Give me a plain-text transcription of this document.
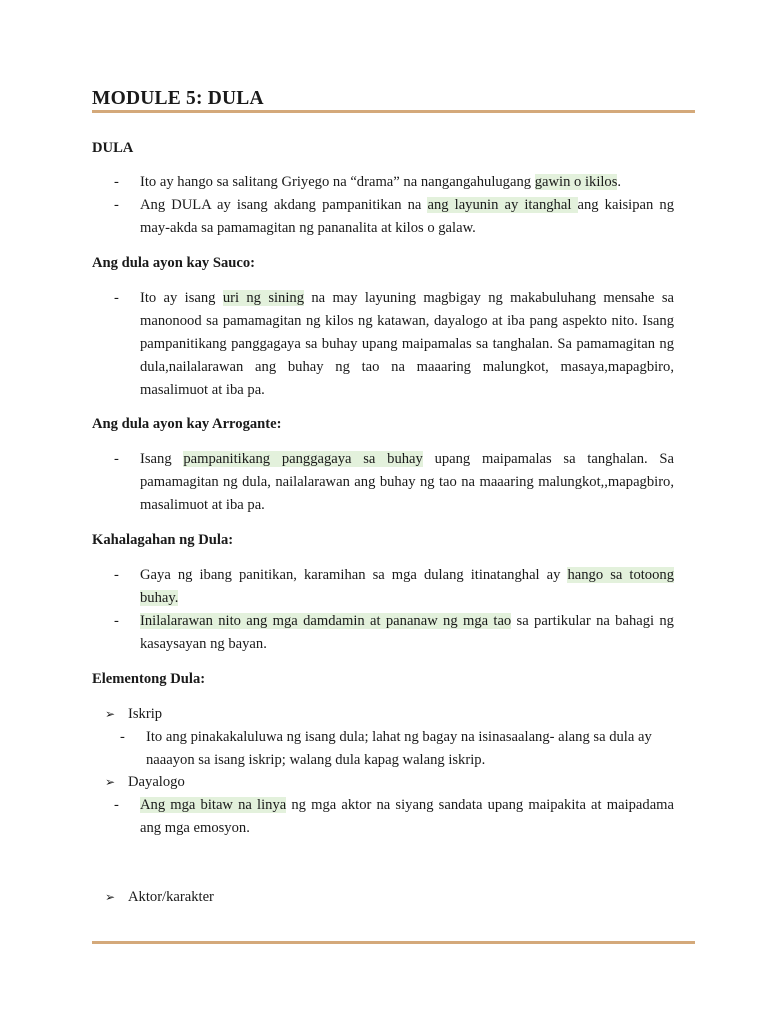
MODULE 5: DULA
DULA
- Ito ay hango sa salitang Griyego na “drama” na nangangahulugang gawin o ikilos.
- Ang DULA ay isang akdang pampanitikan na ang layunin ay itanghal ang kaisipan ng may-akda sa pamamagitan ng pananalita at kilos o galaw.
Ang dula ayon kay Sauco:
- Ito ay isang uri ng sining na may layuning magbigay ng makabuluhang mensahe sa manonood sa pamamagitan ng kilos ng katawan, dayalogo at iba pang aspekto nito. Isang pampanitikang panggagaya sa buhay upang maipamalas sa tanghalan. Sa pamamagitan ng dula,nailalarawan ang buhay ng tao na maaaring malungkot, masaya,mapagbiro, masalimuot at iba pa.
Ang dula ayon kay Arrogante:
- Isang pampanitikang panggagaya sa buhay upang maipamalas sa tanghalan. Sa pamamagitan ng dula, nailalarawan ang buhay ng tao na maaaring malungkot,,mapagbiro, masalimuot at iba pa.
Kahalagahan ng Dula:
- Gaya ng ibang panitikan, karamihan sa mga dulang itinatanghal ay hango sa totoong buhay.
- Inilalarawan nito ang mga damdamin at pananaw ng mga tao sa partikular na bahagi ng kasaysayan ng bayan.
Elementong Dula:
➢ Iskrip
- Ito ang pinakakaluluwa ng isang dula; lahat ng bagay na isinasaalang- alang sa dula ay naaayon sa isang iskrip; walang dula kapag walang iskrip.
➢ Dayalogo
- Ang mga bitaw na linya ng mga aktor na siyang sandata upang maipakita at maipadama ang mga emosyon.
➢ Aktor/karakter
